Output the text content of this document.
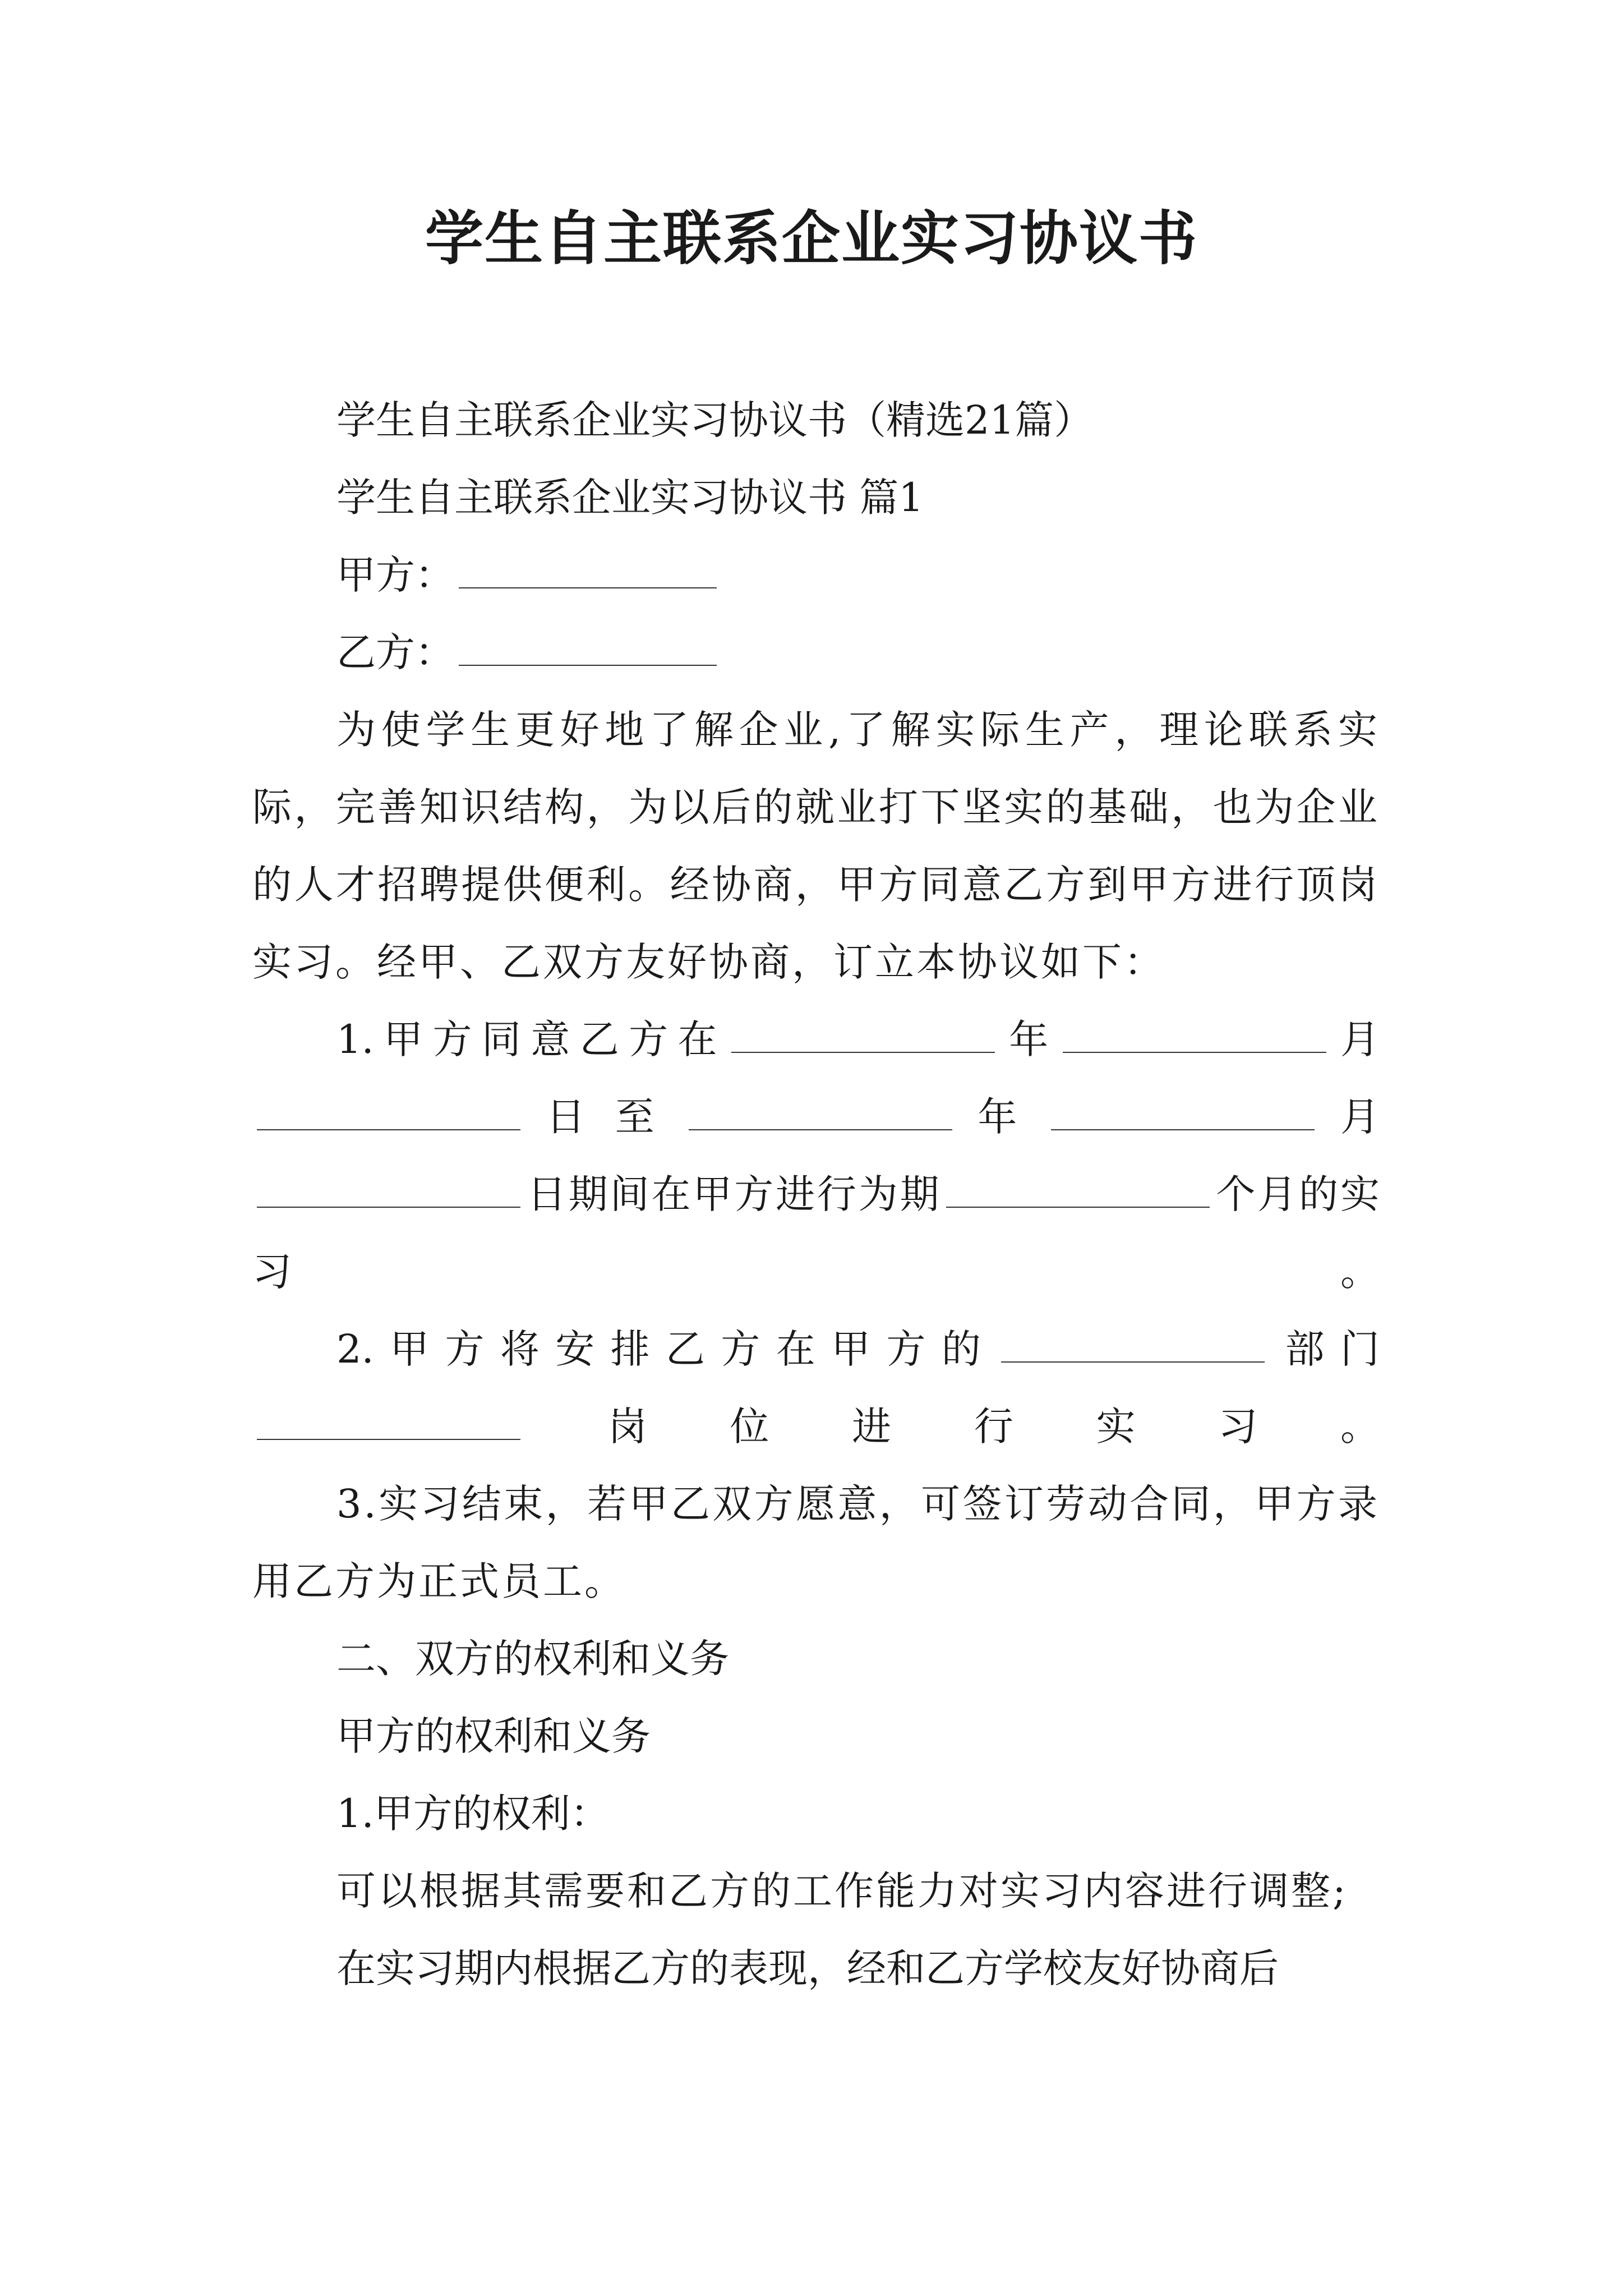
学生自主联系企业实习协议书

学生自主联系企业实习协议书（精选21篇）

学生自主联系企业实习协议书 篇1

甲方：

乙方：

为使学生更好地了解企业,了解实际生产，理论联系实际，完善知识结构，为以后的就业打下坚实的基础，也为企业的人才招聘提供便利。经协商，甲方同意乙方到甲方进行顶岗实习。经甲、乙双方友好协商，订立本协议如下：

1.甲方同意乙方在	年	月  日 至	年	月 日期间在甲方进行为期	个月的实习。

2.甲方将安排乙方在甲方的	部门 岗位进行实习。

3.实习结束，若甲乙双方愿意，可签订劳动合同，甲方录用乙方为正式员工。

二、双方的权利和义务

甲方的权利和义务

1.甲方的权利：

可以根据其需要和乙方的工作能力对实习内容进行调整;

在实习期内根据乙方的表现，经和乙方学校友好协商后
